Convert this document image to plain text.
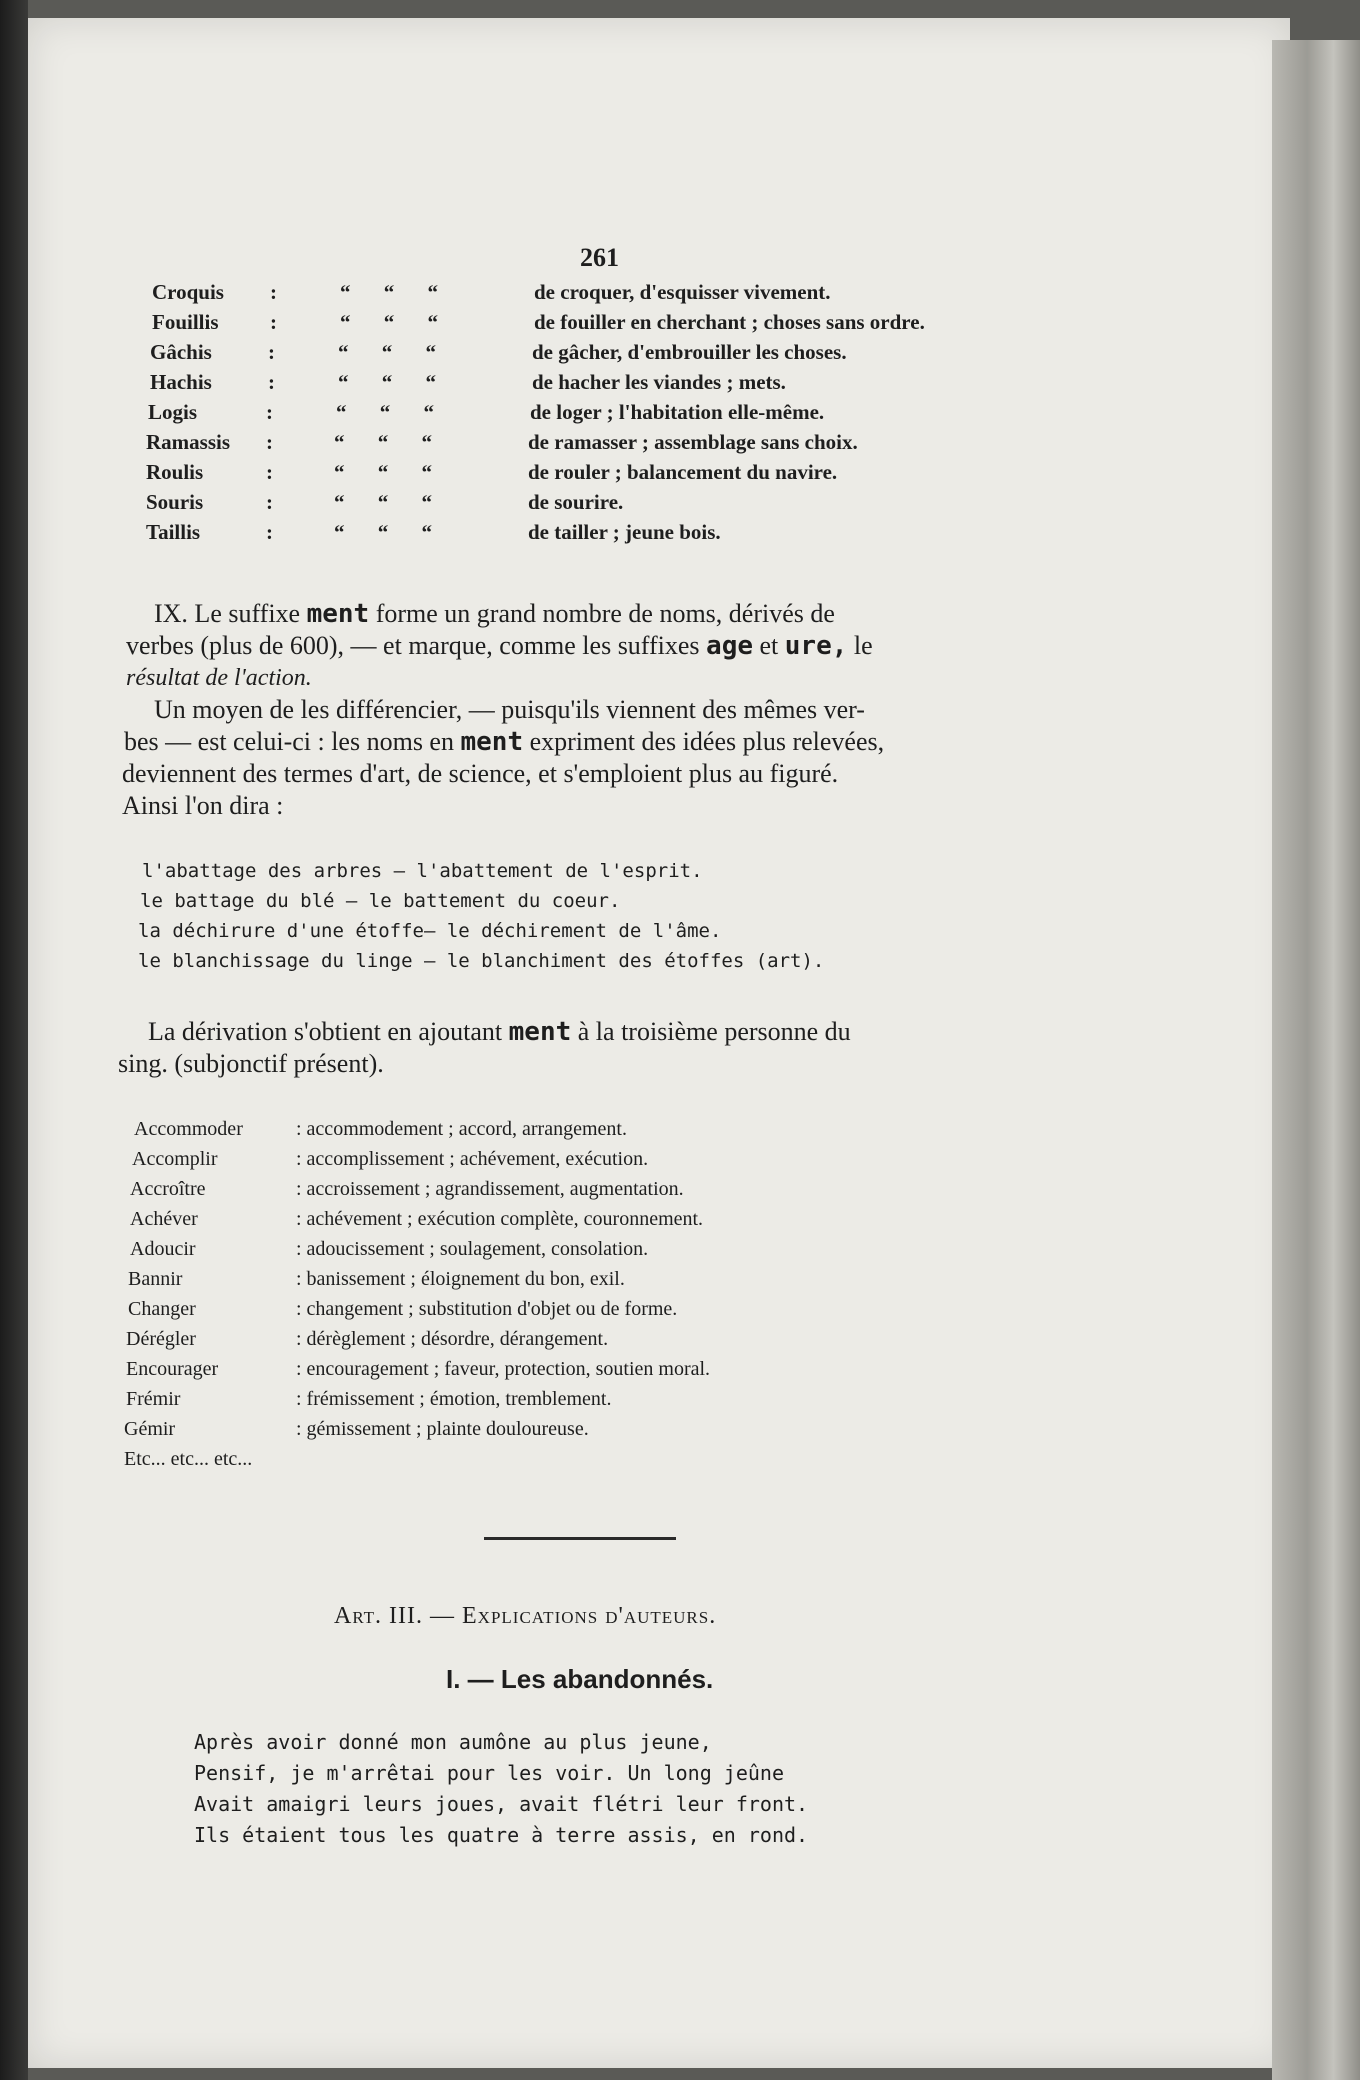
261
Croquis :	“ “ “	de croquer, d'esquisser vivement.
Fouillis :	“ “ “	de fouiller en cherchant ; choses sans ordre.
Gâchis	:	“ “ “	de gâcher, d'embrouiller les choses.
Hachis	:	“ “ “	de hacher les viandes ; mets.
Logis	:	“ “ “	de loger ; l'habitation elle-même.
Ramassis :	“ “ “	de ramasser ; assemblage sans choix.
Roulis	:	“ “ “	de rouler ; balancement du navire.
Souris	:	“ “ “	de sourire.
Taillis	:	“ “ “	de tailler ; jeune bois.
IX. Le suffixe ment forme un grand nombre de noms, dérivés de
verbes (plus de 600), — et marque, comme les suffixes age et ure, le
résultat de l'action.
Un moyen de les différencier, — puisqu'ils viennent des mêmes ver-
bes — est celui-ci : les noms en ment expriment des idées plus relevées,
deviennent des termes d'art, de science, et s'emploient plus au figuré.
Ainsi l'on dira :
l'abattage des arbres — l'abattement de l'esprit.
le battage du blé — le battement du coeur.
la déchirure d'une étoffe— le déchirement de l'âme.
le blanchissage du linge — le blanchiment des étoffes (art).
La dérivation s'obtient en ajoutant ment à la troisième personne du
sing. (subjonctif présent).
Accommoder	: accommodement ; accord, arrangement.
Accomplir	: accomplissement ; achévement, exécution.
Accroître	: accroissement ; agrandissement, augmentation.
Achéver	: achévement ; exécution complète, couronnement.
Adoucir	: adoucissement ; soulagement, consolation.
Bannir	: banissement ; éloignement du bon, exil.
Changer	: changement ; substitution d'objet ou de forme.
Dérégler	: dérèglement ; désordre, dérangement.
Encourager	: encouragement ; faveur, protection, soutien moral.
Frémir	: frémissement ; émotion, tremblement.
Gémir	: gémissement ; plainte douloureuse.
Etc... etc... etc...
Art. III. — Explications d'auteurs.
I. — Les abandonnés.
Après avoir donné mon aumône au plus jeune,
Pensif, je m'arrêtai pour les voir. Un long jeûne
Avait amaigri leurs joues, avait flétri leur front.
Ils étaient tous les quatre à terre assis, en rond.
